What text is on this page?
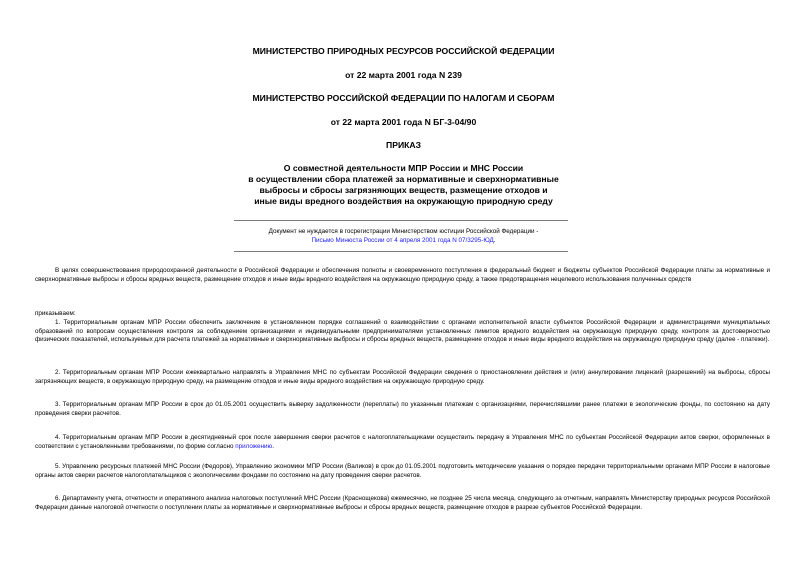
МИНИСТЕРСТВО ПРИРОДНЫХ РЕСУРСОВ РОССИЙСКОЙ ФЕДЕРАЦИИ
от 22 марта 2001 года N 239
МИНИСТЕРСТВО РОССИЙСКОЙ ФЕДЕРАЦИИ ПО НАЛОГАМ И СБОРАМ
от 22 марта 2001 года N БГ-3-04/90
ПРИКАЗ
О совместной деятельности МПР России и МНС России
в осуществлении сбора платежей за нормативные и сверхнормативные
выбросы и сбросы загрязняющих веществ, размещение отходов и
иные виды вредного воздействия на окружающую природную среду
Документ не нуждается в госрегистрации Министерством юстиции Российской Федерации -
Письмо Минюста России от 4 апреля 2001 года N 07/3295-ЮД.
В целях совершенствования природоохранной деятельности в Российской Федерации и обеспечения полноты и своевременного поступления в федеральный бюджет и бюджеты субъектов Российской Федерации платы за нормативные и сверхнормативные выбросы и сбросы вредных веществ, размещение отходов и иные виды вредного воздействия на окружающую природную среду, а также предотвращения нецелевого использования полученных средств
приказываем:
1. Территориальным органам МПР России обеспечить заключение в установленном порядке соглашений о взаимодействии с органами исполнительной власти субъектов Российской Федерации и администрациями муниципальных образований по вопросам осуществления контроля за соблюдением организациями и индивидуальными предпринимателями установленных лимитов вредного воздействия на окружающую природную среду, контроля за достоверностью физических показателей, используемых для расчета платежей за нормативные и сверхнормативные выбросы и сбросы вредных веществ, размещение отходов и иные виды вредного воздействия на окружающую природную среду (далее - платежи).
2. Территориальным органам МПР России ежеквартально направлять в Управления МНС по субъектам Российской Федерации сведения о приостановлении действия и (или) аннулировании лицензий (разрешений) на выбросы, сбросы загрязняющих веществ, в окружающую природную среду, на размещение отходов и иные виды вредного воздействия на окружающую природную среду.
3. Территориальным органам МПР России в срок до 01.05.2001 осуществить выверку задолженности (переплаты) по указанным платежам с организациями, перечислявшими ранее платежи в экологические фонды, по состоянию на дату проведения сверки расчетов.
4. Территориальным органам МПР России в десятидневный срок после завершения сверки расчетов с налогоплательщиками осуществить передачу в Управления МНС по субъектам Российской Федерации актов сверки, оформленных в соответствии с установленными требованиями, по форме согласно приложению.
5. Управлению ресурсных платежей МНС России (Федоров), Управлению экономики МПР России (Валиков) в срок до 01.05.2001 подготовить методические указания о порядке передачи территориальными органами МПР России в налоговые органы актов сверки расчетов налогоплательщиков с экологическими фондами по состоянию на дату проведения сверки расчетов.
6. Департаменту учета, отчетности и оперативного анализа налоговых поступлений МНС России (Краснощекова) ежемесячно, не позднее 25 числа месяца, следующего за отчетным, направлять Министерству природных ресурсов Российской Федерации данные налоговой отчетности о поступлении платы за нормативные и сверхнормативные выбросы и сбросы вредных веществ, размещение отходов в разрезе субъектов Российской Федерации.
